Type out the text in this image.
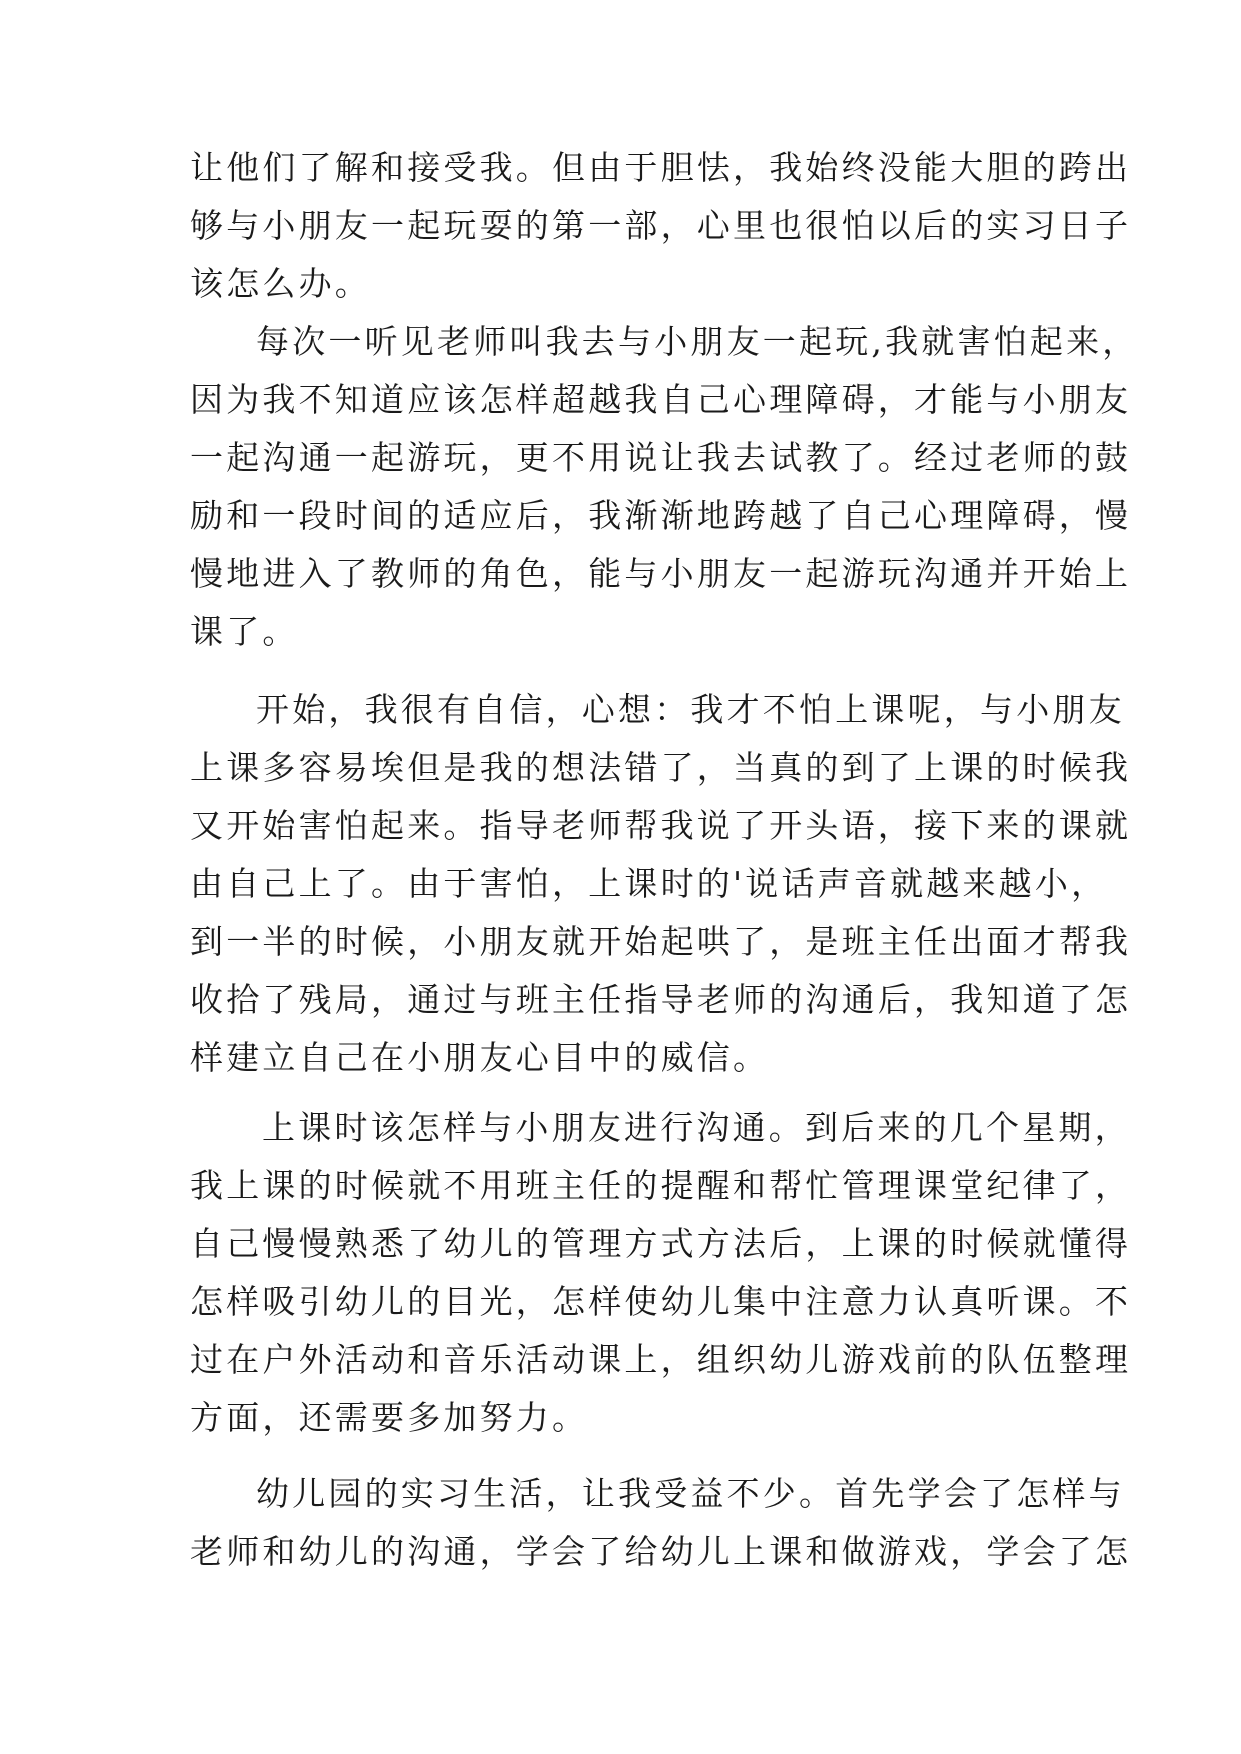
让他们了解和接受我。但由于胆怯，我始终没能大胆的跨出
够与小朋友一起玩耍的第一部，心里也很怕以后的实习日子
该怎么办。
每次一听见老师叫我去与小朋友一起玩,我就害怕起来，
因为我不知道应该怎样超越我自己心理障碍，才能与小朋友
一起沟通一起游玩，更不用说让我去试教了。经过老师的鼓
励和一段时间的适应后，我渐渐地跨越了自己心理障碍，慢
慢地进入了教师的角色，能与小朋友一起游玩沟通并开始上
课了。
开始，我很有自信，心想：我才不怕上课呢，与小朋友
上课多容易埃但是我的想法错了，当真的到了上课的时候我
又开始害怕起来。指导老师帮我说了开头语，接下来的课就
由自己上了。由于害怕，上课时的'说话声音就越来越小，
到一半的时候，小朋友就开始起哄了，是班主任出面才帮我
收拾了残局，通过与班主任指导老师的沟通后，我知道了怎
样建立自己在小朋友心目中的威信。
上课时该怎样与小朋友进行沟通。到后来的几个星期，
我上课的时候就不用班主任的提醒和帮忙管理课堂纪律了，
自己慢慢熟悉了幼儿的管理方式方法后，上课的时候就懂得
怎样吸引幼儿的目光，怎样使幼儿集中注意力认真听课。不
过在户外活动和音乐活动课上，组织幼儿游戏前的队伍整理
方面，还需要多加努力。
幼儿园的实习生活，让我受益不少。首先学会了怎样与
老师和幼儿的沟通，学会了给幼儿上课和做游戏，学会了怎
